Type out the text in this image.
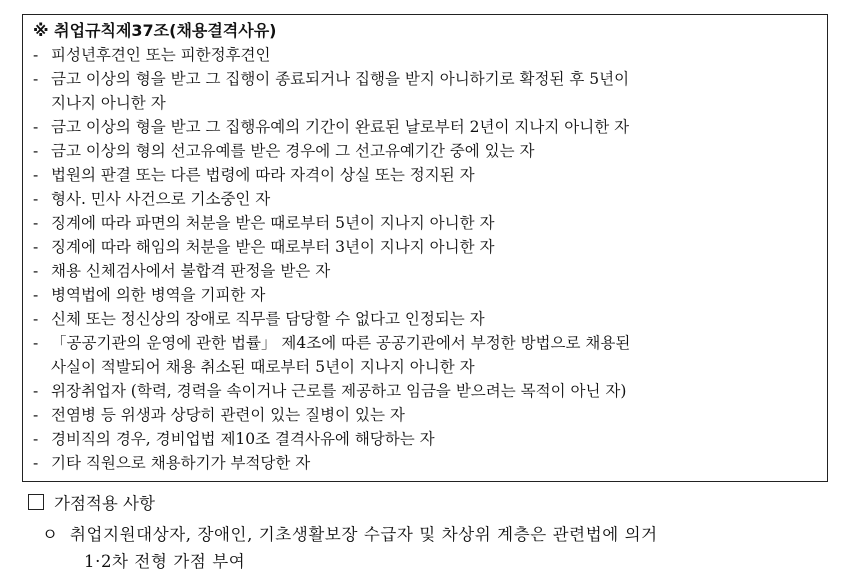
※ 취업규칙제37조(채용결격사유)
- 피성년후견인 또는 피한정후견인
- 금고 이상의 형을 받고 그 집행이 종료되거나 집행을 받지 아니하기로 확정된 후 5년이
지나지 아니한 자
- 금고 이상의 형을 받고 그 집행유예의 기간이 완료된 날로부터 2년이 지나지 아니한 자
- 금고 이상의 형의 선고유예를 받은 경우에 그 선고유예기간 중에 있는 자
- 법원의 판결 또는 다른 법령에 따라 자격이 상실 또는 정지된 자
- 형사. 민사 사건으로 기소중인 자
- 징계에 따라 파면의 처분을 받은 때로부터 5년이 지나지 아니한 자
- 징계에 따라 해임의 처분을 받은 때로부터 3년이 지나지 아니한 자
- 채용 신체검사에서 불합격 판정을 받은 자
- 병역법에 의한 병역을 기피한 자
- 신체 또는 정신상의 장애로 직무를 담당할 수 없다고 인정되는 자
- 「공공기관의 운영에 관한 법률」 제4조에 따른 공공기관에서 부정한 방법으로 채용된
사실이 적발되어 채용 취소된 때로부터 5년이 지나지 아니한 자
- 위장취업자 (학력, 경력을 속이거나 근로를 제공하고 임금을 받으려는 목적이 아닌 자)
- 전염병 등 위생과 상당히 관련이 있는 질병이 있는 자
- 경비직의 경우, 경비업법 제10조 결격사유에 해당하는 자
- 기타 직원으로 채용하기가 부적당한 자
가점적용 사항
ㅇ 취업지원대상자, 장애인, 기초생활보장 수급자 및 차상위 계층은 관련법에 의거
1·2차 전형 가점 부여
